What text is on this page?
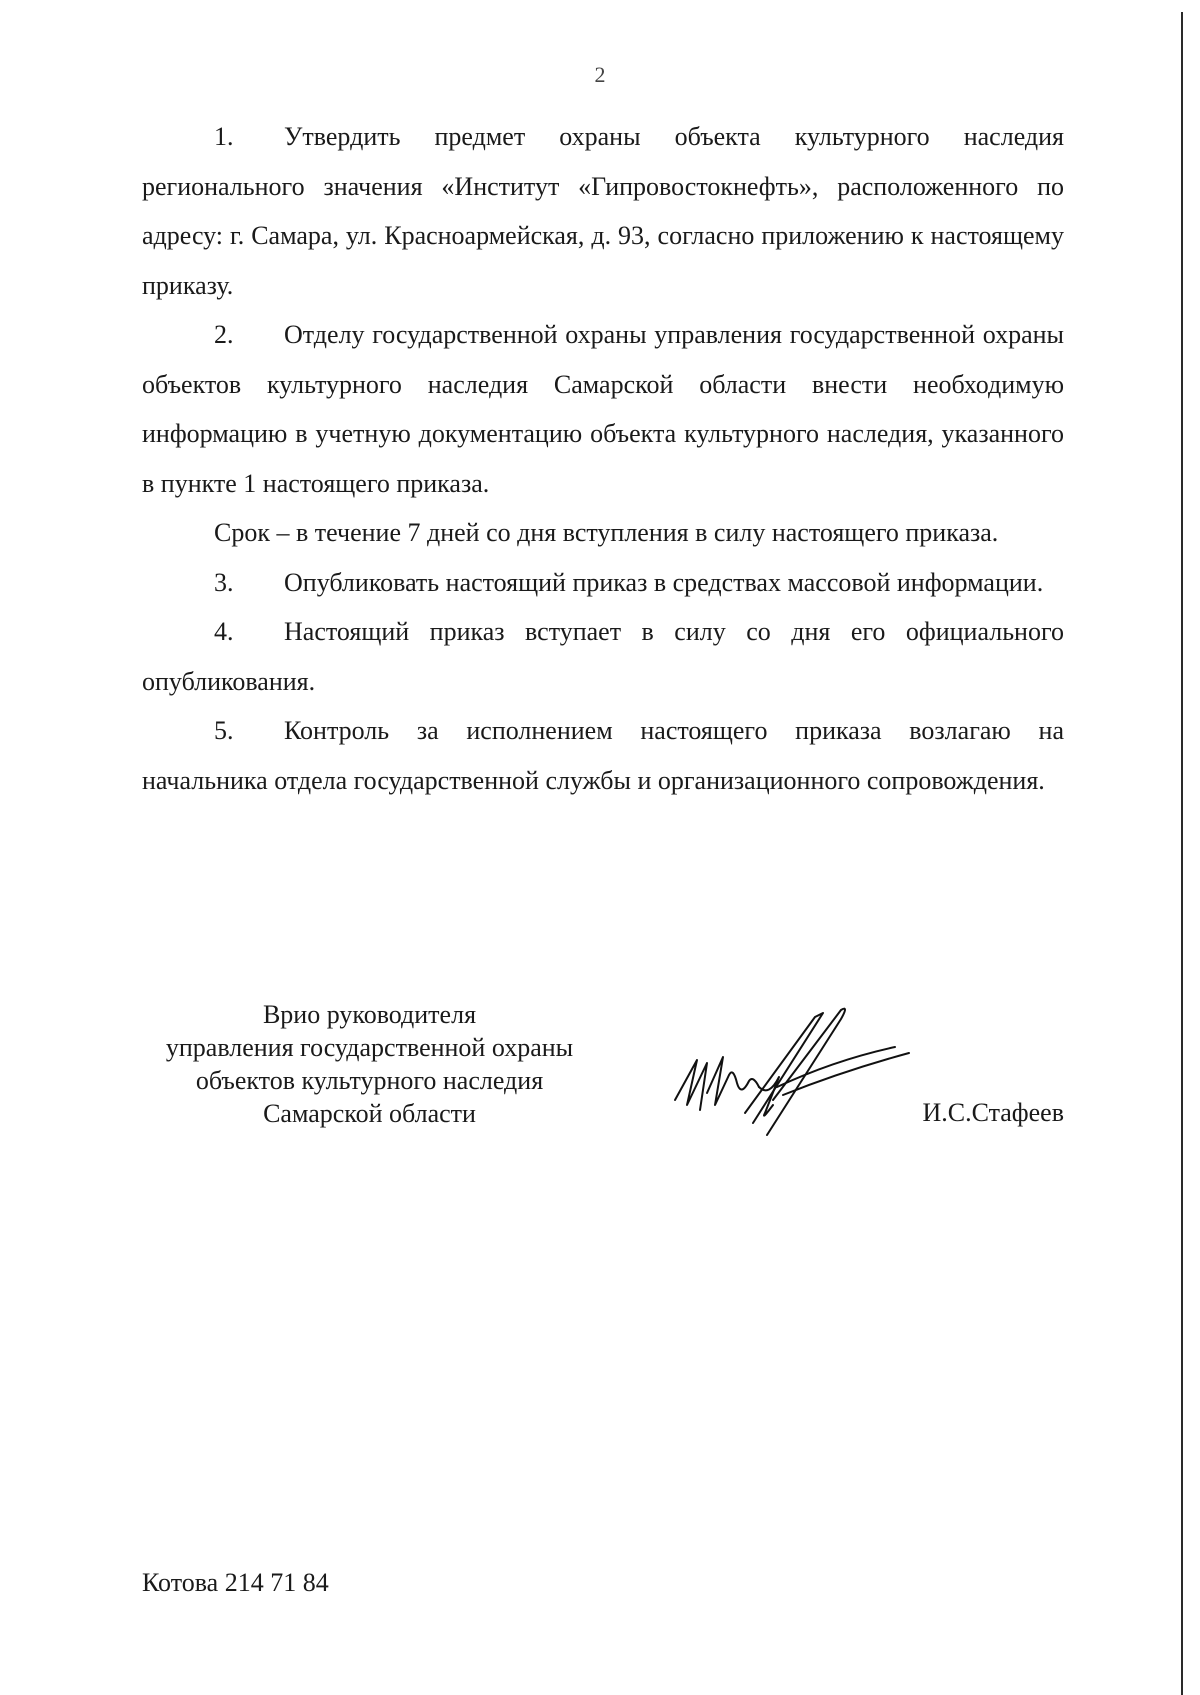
2

1. Утвердить предмет охраны объекта культурного наследия регионального значения «Институт «Гипровостокнефть», расположенного по адресу: г. Самара, ул. Красноармейская, д. 93, согласно приложению к настоящему приказу.

2. Отделу государственной охраны управления государственной охраны объектов культурного наследия Самарской области внести необходимую информацию в учетную документацию объекта культурного наследия, указанного в пункте 1 настоящего приказа.

Срок – в течение 7 дней со дня вступления в силу настоящего приказа.

3. Опубликовать настоящий приказ в средствах массовой информации.

4. Настоящий приказ вступает в силу со дня его официального опубликования.

5. Контроль за исполнением настоящего приказа возлагаю на начальника отдела государственной службы и организационного сопровождения.

Врио руководителя
управления государственной охраны
объектов культурного наследия
Самарской области	И.С.Стафеев
Котова 214 71 84
